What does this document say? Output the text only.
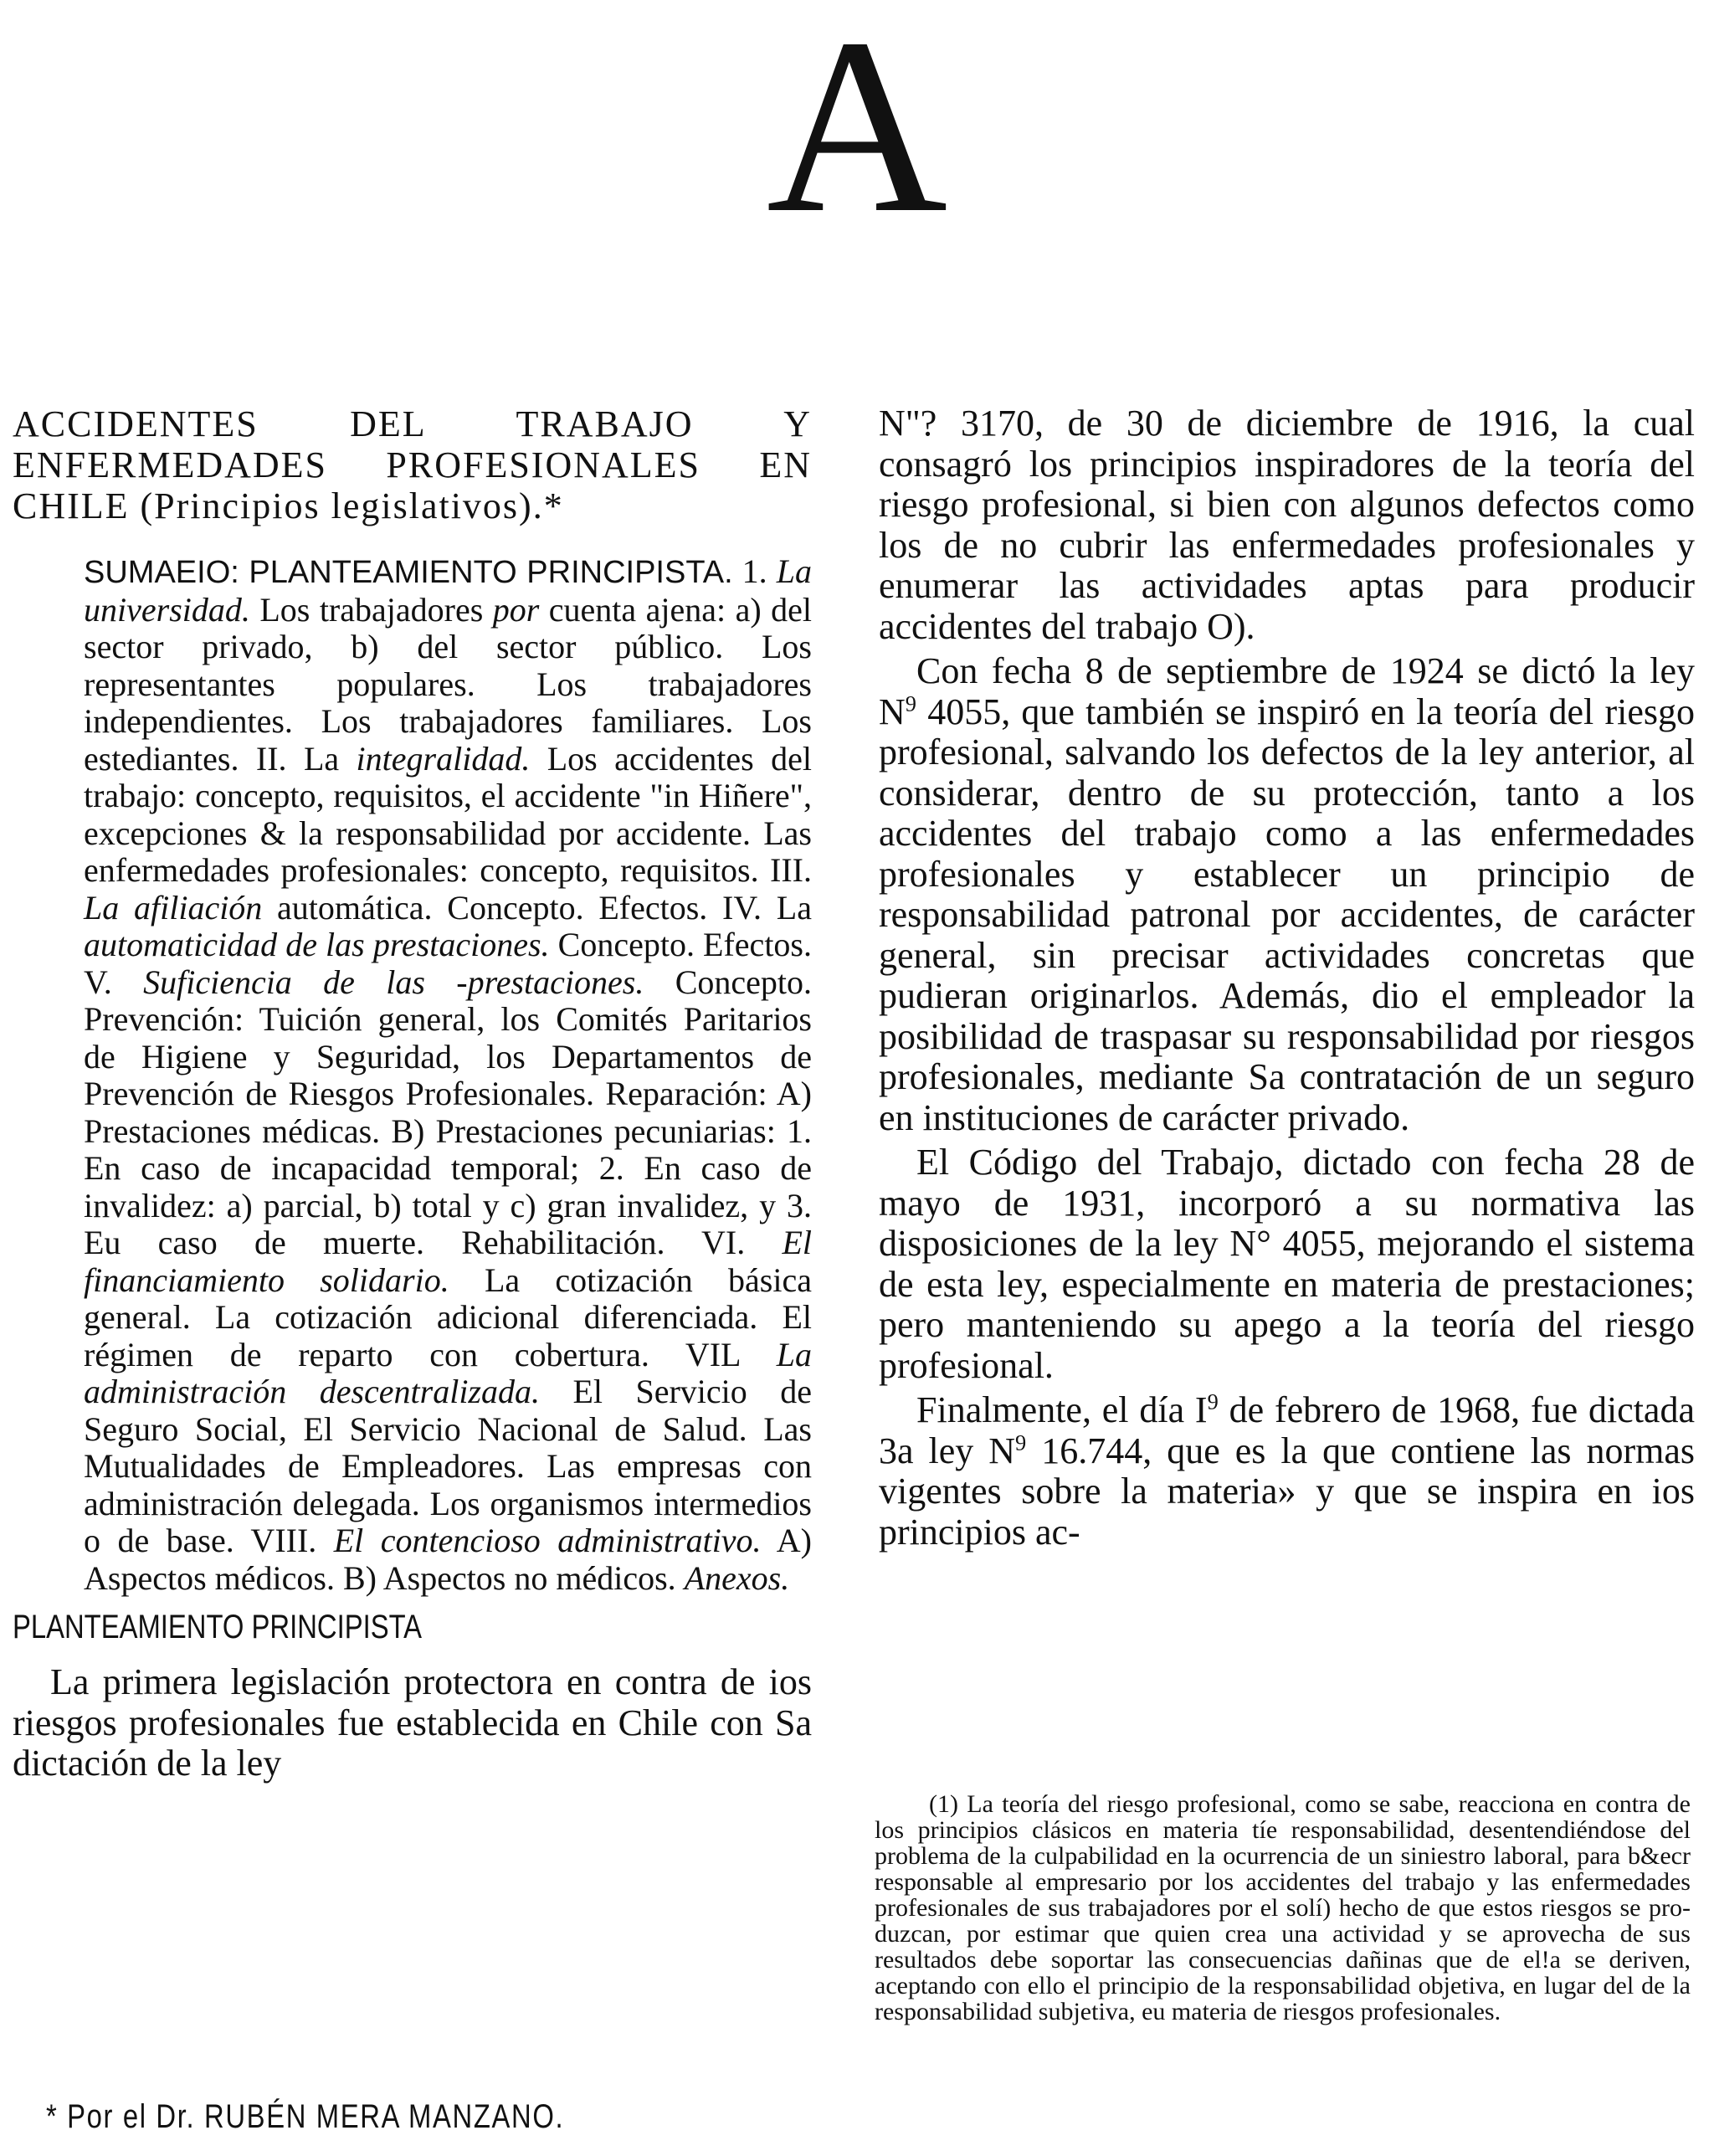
A

ACCIDENTES DEL TRABAJO Y ENFERMEDADES PROFESIONALES EN CHILE (Principios legislativos).*

SUMAEIO: PLANTEAMIENTO PRINCIPISTA. 1. La universidad. Los trabajadores por cuenta ajena: a) del sector privado, b) del sector público. Los representantes populares. Los trabajadores independientes. Los trabajadores familiares. Los estediantes. II. La integralidad. Los accidentes del trabajo: concepto, requisitos, el accidente "in Hiñere", excepciones & la responsabilidad por accidente. Las enfermedades profesionales: concepto, requisitos. III. La afiliación automática. Concepto. Efectos. IV. La automaticidad de las prestaciones. Concepto. Efectos. V. Suficiencia de las -prestaciones. Concepto. Prevención: Tuición general, los Comités Paritarios de Higiene y Seguridad, los Departamentos de Prevención de Riesgos Profesionales. Reparación: A) Prestaciones médicas. B) Prestaciones pecuniarias: 1. En caso de incapacidad temporal; 2. En caso de invalidez: a) parcial, b) total y c) gran invalidez, y 3. Eu caso de muerte. Rehabilitación. VI. El financiamiento solidario. La cotización básica general. La cotización adicional diferenciada. El régimen de reparto con cobertura. VIL La administración descentralizada. El Servicio de Seguro Social, El Servicio Nacional de Salud. Las Mutualidades de Empleadores. Las empresas con administración delegada. Los organismos intermedios o de base. VIII. El contencioso administrativo. A) Aspectos médicos. B) Aspectos no médicos. Anexos.
PLANTEAMIENTO PRINCIPISTA

La primera legislación protectora en contra de ios riesgos profesionales fue establecida en Chile con Sa dictación de la ley

* Por el Dr. RUBÉN MERA MANZANO.

N"? 3170, de 30 de diciembre de 1916, la cual consagró los principios inspiradores de la teoría del riesgo profesional, si bien con algunos defectos como los de no cubrir las enfermedades profesionales y enumerar las actividades aptas para producir accidentes del trabajo O).

Con fecha 8 de septiembre de 1924 se dictó la ley $N^9$ 4055, que también se inspiró en la teoría del riesgo profesional, salvando los defectos de la ley anterior, al considerar, dentro de su protección, tanto a los accidentes del trabajo como a las enfermedades profesionales y establecer un principio de responsabilidad patronal por accidentes, de carácter general, sin precisar actividades concretas que pudieran originarlos. Además, dio el empleador la posibilidad de traspasar su responsabilidad por riesgos profesionales, mediante Sa contratación de un seguro en instituciones de carácter privado.

El Código del Trabajo, dictado con fecha 28 de mayo de 1931, incorporó a su normativa las disposiciones de la ley N° 4055, mejorando el sistema de esta ley, especialmente en materia de prestaciones; pero manteniendo su apego a la teoría del riesgo profesional.

Finalmente, el día $I^9$ de febrero de 1968, fue dictada 3a ley $N^9$ 16.744, que es la que contiene las normas vigentes sobre la materia» y que se inspira en ios principios ac-

(1) La teoría del riesgo profesional, como se sabe, reacciona en contra de los principios clásicos en materia tíe responsabilidad, desentendiéndose del problema de la culpabilidad en la ocurrencia de un siniestro laboral, para b&ecr responsable al empresario por los accidentes del trabajo y las enfermedades profesionales de sus trabajadores por el solí) hecho de que estos riesgos se produzcan, por estimar que quien crea una actividad y se aprovecha de sus resultados debe soportar las consecuencias dañinas que de el!a se deriven, aceptando con ello el principio de la responsabilidad objetiva, en lugar del de la responsabilidad subjetiva, eu materia de riesgos profesionales.
